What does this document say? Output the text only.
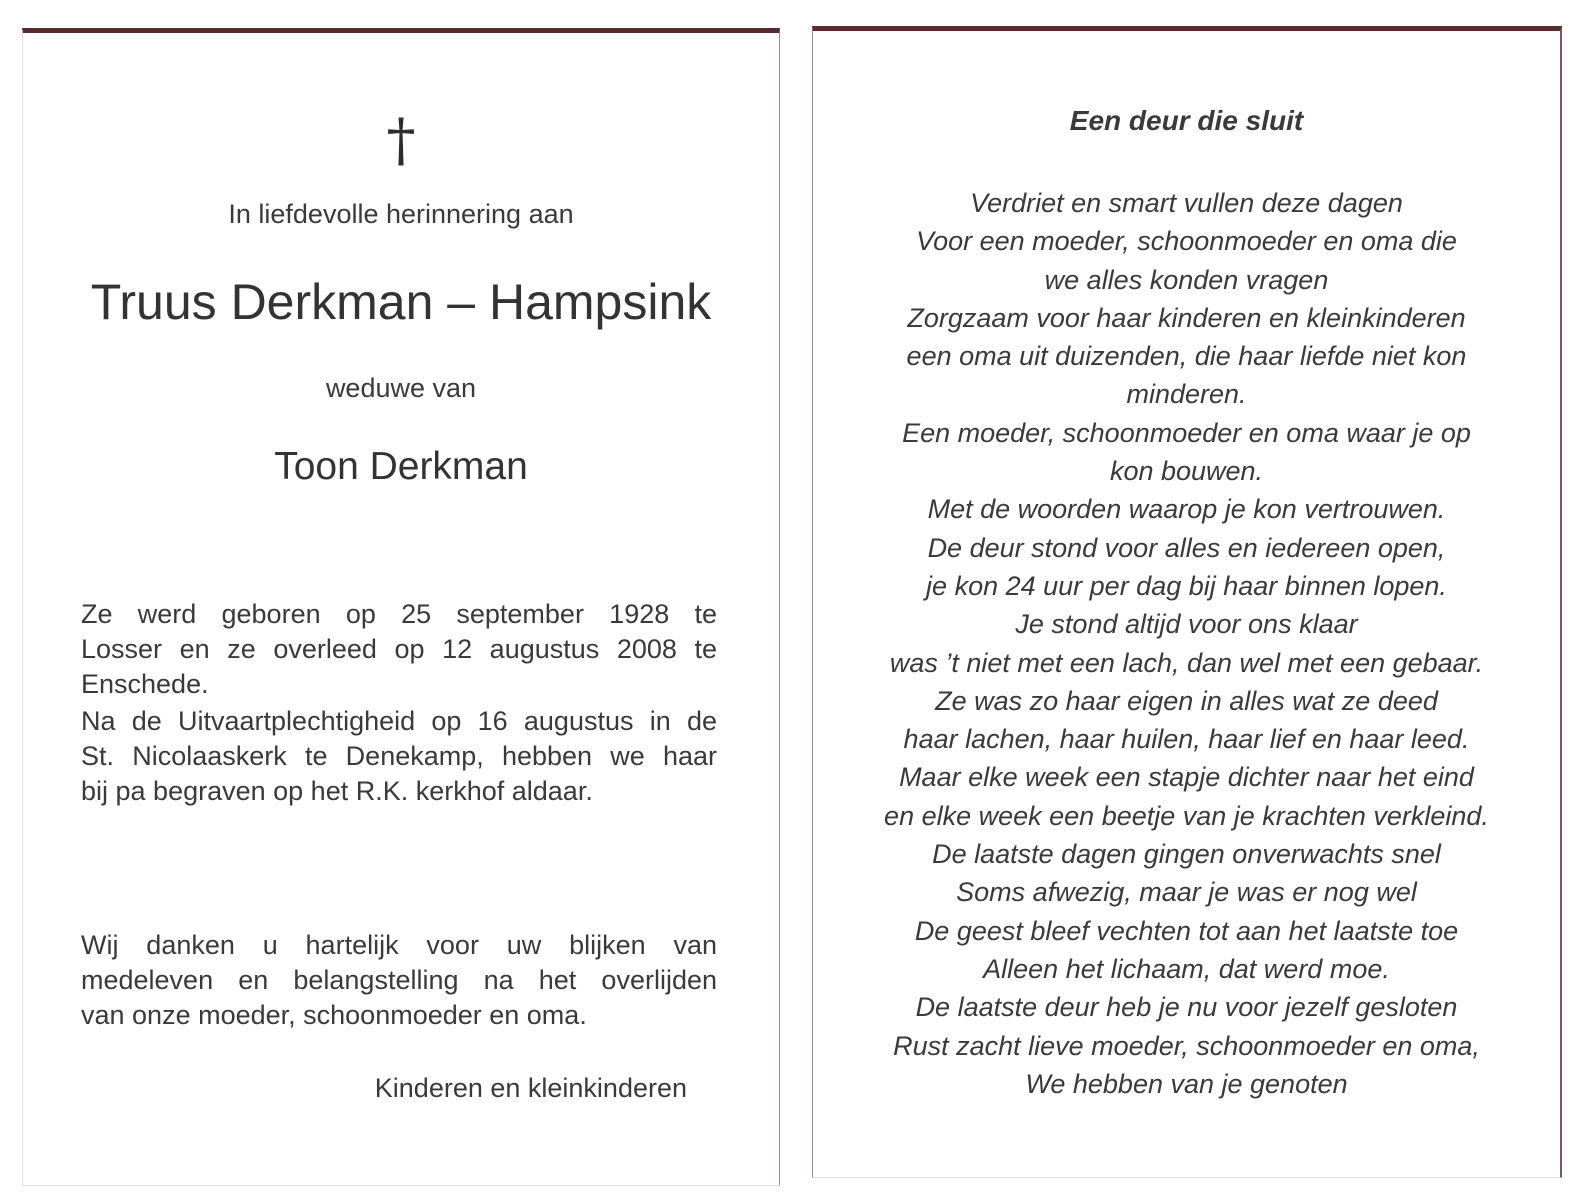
†
In liefdevolle herinnering aan
Truus Derkman – Hampsink
weduwe van
Toon Derkman
Ze werd geboren op 25 september 1928 te
Losser en ze overleed op 12 augustus 2008 te
Enschede.
Na de Uitvaartplechtigheid op 16 augustus in de
St. Nicolaaskerk te Denekamp, hebben we haar
bij pa begraven op het R.K. kerkhof aldaar.
Wij danken u hartelijk voor uw blijken van
medeleven en belangstelling na het overlijden
van onze moeder, schoonmoeder en oma.
Kinderen en kleinkinderen
Een deur die sluit
Verdriet en smart vullen deze dagen
Voor een moeder, schoonmoeder en oma die
we alles konden vragen
Zorgzaam voor haar kinderen en kleinkinderen
een oma uit duizenden, die haar liefde niet kon
minderen.
Een moeder, schoonmoeder en oma waar je op
kon bouwen.
Met de woorden waarop je kon vertrouwen.
De deur stond voor alles en iedereen open,
je kon 24 uur per dag bij haar binnen lopen.
Je stond altijd voor ons klaar
was ’t niet met een lach, dan wel met een gebaar.
Ze was zo haar eigen in alles wat ze deed
haar lachen, haar huilen, haar lief en haar leed.
Maar elke week een stapje dichter naar het eind
en elke week een beetje van je krachten verkleind.
De laatste dagen gingen onverwachts snel
Soms afwezig, maar je was er nog wel
De geest bleef vechten tot aan het laatste toe
Alleen het lichaam, dat werd moe.
De laatste deur heb je nu voor jezelf gesloten
Rust zacht lieve moeder, schoonmoeder en oma,
We hebben van je genoten
